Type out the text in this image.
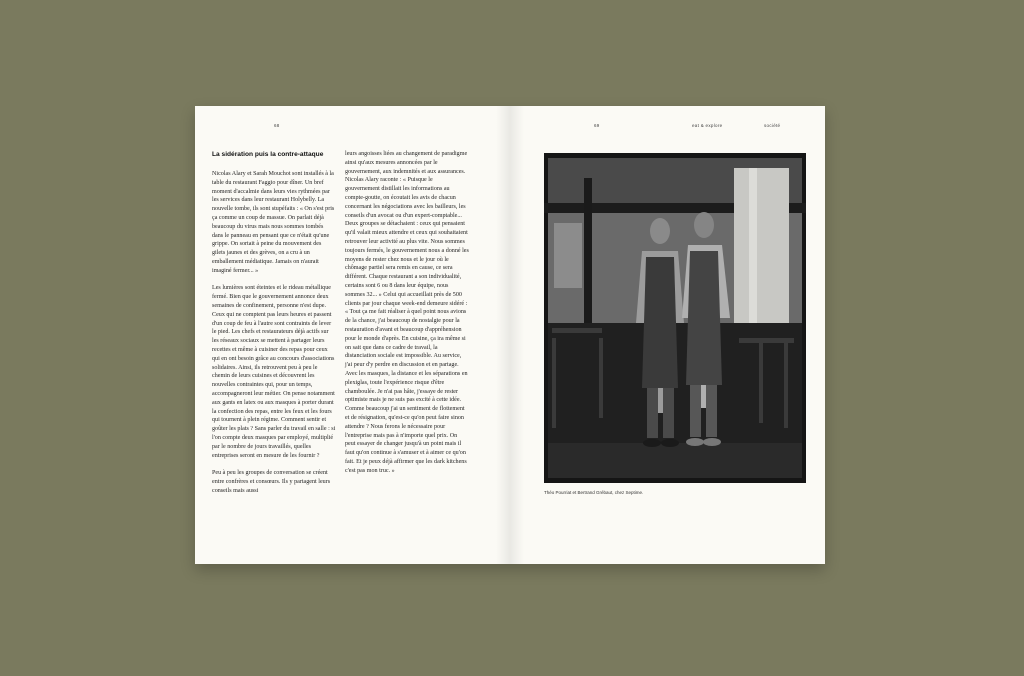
68
La sidération puis la contre-attaque

Nicolas Alary et Sarah Mouchot sont installés à la table du restaurant Faggio pour dîner. Un bref moment d'accalmie dans leurs vies rythmées par les services dans leur restaurant Holybelly. La nouvelle tombe, ils sont stupéfaits : « On s'est pris ça comme un coup de massue. On parlait déjà beaucoup du virus mais nous sommes tombés dans le panneau en pensant que ce n'était qu'une grippe. On sortait à peine du mouvement des gilets jaunes et des grèves, on a cru à un emballement médiatique. Jamais on n'aurait imaginé fermer... »

Les lumières sont éteintes et le rideau métallique fermé. Bien que le gouvernement annonce deux semaines de confinement, personne n'est dupe. Ceux qui ne comptent pas leurs heures et passent d'un coup de feu à l'autre sont contraints de lever le pied. Les chefs et restaurateurs déjà actifs sur les réseaux sociaux se mettent à partager leurs recettes et même à cuisiner des repas pour ceux qui en ont besoin grâce au concours d'associations solidaires. Ainsi, ils retrouvent peu à peu le chemin de leurs cuisines et découvrent les nouvelles contraintes qui, pour un temps, accompagneront leur métier. On pense notamment aux gants en latex ou aux masques à porter durant la confection des repas, entre les feux et les fours qui tournent à plein régime. Comment sentir et goûter les plats ? Sans parler du travail en salle : si l'on compte deux masques par employé, multiplié par le nombre de jours travaillés, quelles entreprises seront en mesure de les fournir ?

Peu à peu les groupes de conversation se créent entre confrères et consœurs. Ils y partagent leurs conseils mais aussi

leurs angoisses liées au changement de paradigme ainsi qu'aux mesures annoncées par le gouvernement, aux indemnités et aux assurances. Nicolas Alary raconte : « Puisque le gouvernement distillait les informations au compte-goutte, on écoutait les avis de chacun concernant les négociations avec les bailleurs, les conseils d'un avocat ou d'un expert-comptable... Deux groupes se détachaient : ceux qui pensaient qu'il valait mieux attendre et ceux qui souhaitaient retrouver leur activité au plus vite. Nous sommes toujours fermés, le gouvernement nous a donné les moyens de rester chez nous et le jour où le chômage partiel sera remis en cause, ce sera différent. Chaque restaurant a son individualité, certains sont 6 ou 8 dans leur équipe, nous sommes 32... » Celui qui accueillait près de 500 clients par jour chaque week-end demeure sidéré : « Tout ça me fait réaliser à quel point nous avions de la chance, j'ai beaucoup de nostalgie pour la restauration d'avant et beaucoup d'appréhension pour le monde d'après. En cuisine, ça ira même si on sait que dans ce cadre de travail, la distanciation sociale est impossible. Au service, j'ai peur d'y perdre en discussion et en partage. Avec les masques, la distance et les séparations en plexiglas, toute l'expérience risque d'être chamboulée. Je n'ai pas hâte, j'essaye de rester optimiste mais je ne suis pas excité à cette idée. Comme beaucoup j'ai un sentiment de flottement et de résignation, qu'est-ce qu'on peut faire sinon attendre ? Nous ferons le nécessaire pour l'entreprise mais pas à n'importe quel prix. On peut essayer de changer jusqu'à un point mais il faut qu'on continue à s'amuser et à aimer ce qu'on fait. Et je peux déjà affirmer que les dark kitchens c'est pas mon truc. »

69	eat & explore	société
Théo Pourriat et Bertrand Grébaut, chez Septime.
